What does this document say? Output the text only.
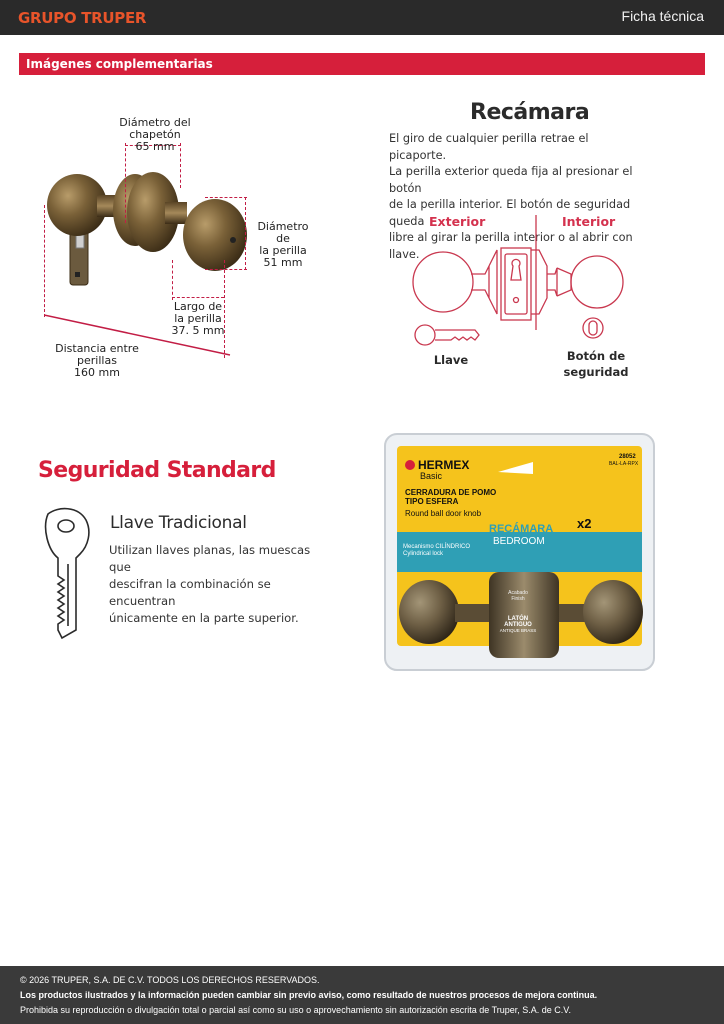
GRUPO TRUPER	Ficha técnica
Imágenes complementarias
Diámetro del chapetón
65 mm
Diámetro de
la perilla
51 mm
Largo de
la perilla
37. 5 mm
Distancia entre perillas
160 mm
Recámara
El giro de cualquier perilla retrae el picaporte.
La perilla exterior queda fija al presionar el botón
de la perilla interior. El botón de seguridad queda
libre al girar la perilla interior o al abrir con llave.
Exterior	Interior
Llave	Botón de
seguridad
Seguridad Standard
Llave Tradicional
Utilizan llaves planas, las muescas que
descifran la combinación se encuentran
únicamente en la parte superior.
HERMEX
Basic
28052
BAL-LA-RPX
CERRADURA DE POMO
TIPO ESFERA
Round ball door knob
RECÁMARA
BEDROOM
x2
Mecanismo CILÍNDRICO
Cylindrical lock
Acabado
Finish
LATÓN
ANTIGUO
ANTIQUE BRASS

© 2026 TRUPER, S.A. DE C.V. TODOS LOS DERECHOS RESERVADOS.

Los productos ilustrados y la información pueden cambiar sin previo aviso, como resultado de nuestros procesos de mejora continua.

Prohibida su reproducción o divulgación total o parcial así como su uso o aprovechamiento sin autorización escrita de Truper, S.A. de C.V.
